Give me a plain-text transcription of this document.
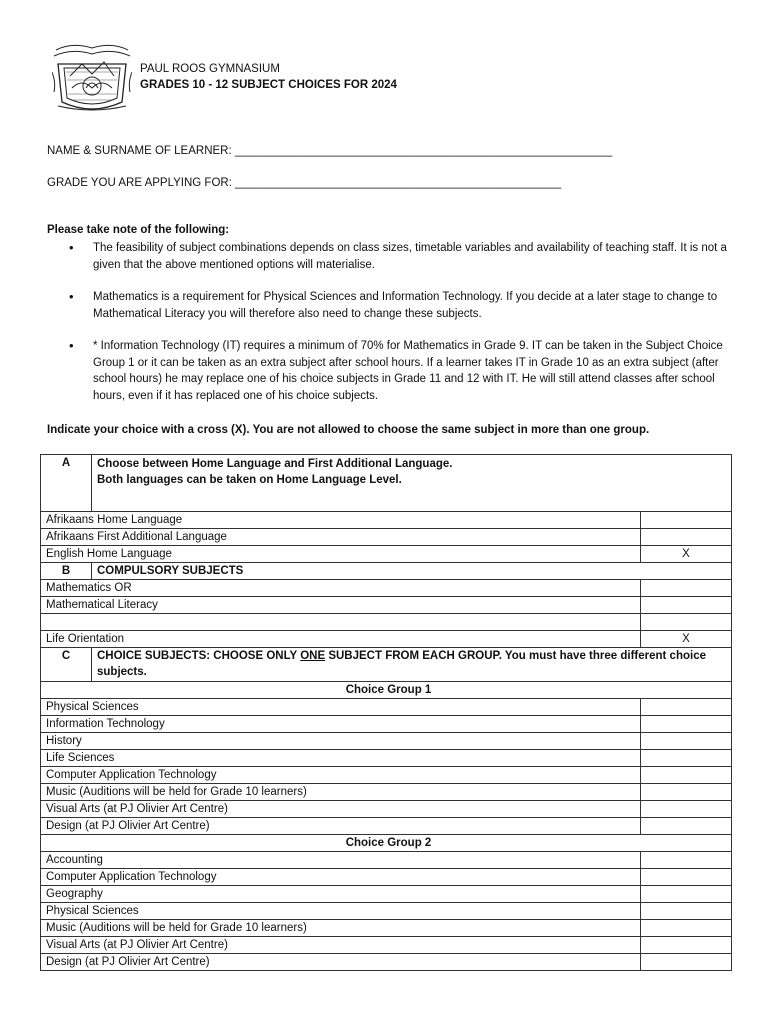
PAUL ROOS GYMNASIUM
GRADES 10 - 12 SUBJECT CHOICES FOR 2024
NAME & SURNAME OF LEARNER: ___________________________________________________________
GRADE YOU ARE APPLYING FOR: ___________________________________________________
Please take note of the following:
• The feasibility of subject combinations depends on class sizes, timetable variables and availability of teaching staff. It is not a given that the above mentioned options will materialise.
• Mathematics is a requirement for Physical Sciences and Information Technology. If you decide at a later stage to change to Mathematical Literacy you will therefore also need to change these subjects.
• * Information Technology (IT) requires a minimum of 70% for Mathematics in Grade 9. IT can be taken in the Subject Choice Group 1 or it can be taken as an extra subject after school hours. If a learner takes IT in Grade 10 as an extra subject (after school hours) he may replace one of his choice subjects in Grade 11 and 12 with IT. He will still attend classes after school hours, even if it has replaced one of his choice subjects.
Indicate your choice with a cross (X). You are not allowed to choose the same subject in more than one group.
A	Choose between Home Language and First Additional Language.
Both languages can be taken on Home Language Level.	

Afrikaans Home Language		
Afrikaans First Additional Language		
English Home Language		X
B	COMPULSORY SUBJECTS	
Mathematics OR		
Mathematical Literacy		

Life Orientation		X
C	CHOICE SUBJECTS: CHOOSE ONLY ONE SUBJECT FROM EACH GROUP. You must have three different choice subjects.	
Choice Group 1		
Physical Sciences		
Information Technology		
History		
Life Sciences		
Computer Application Technology		
Music (Auditions will be held for Grade 10 learners)		
Visual Arts (at PJ Olivier Art Centre)		
Design (at PJ Olivier Art Centre)		
Choice Group 2		
Accounting		
Computer Application Technology		
Geography		
Physical Sciences		
Music (Auditions will be held for Grade 10 learners)		
Visual Arts (at PJ Olivier Art Centre)		
Design (at PJ Olivier Art Centre)		
